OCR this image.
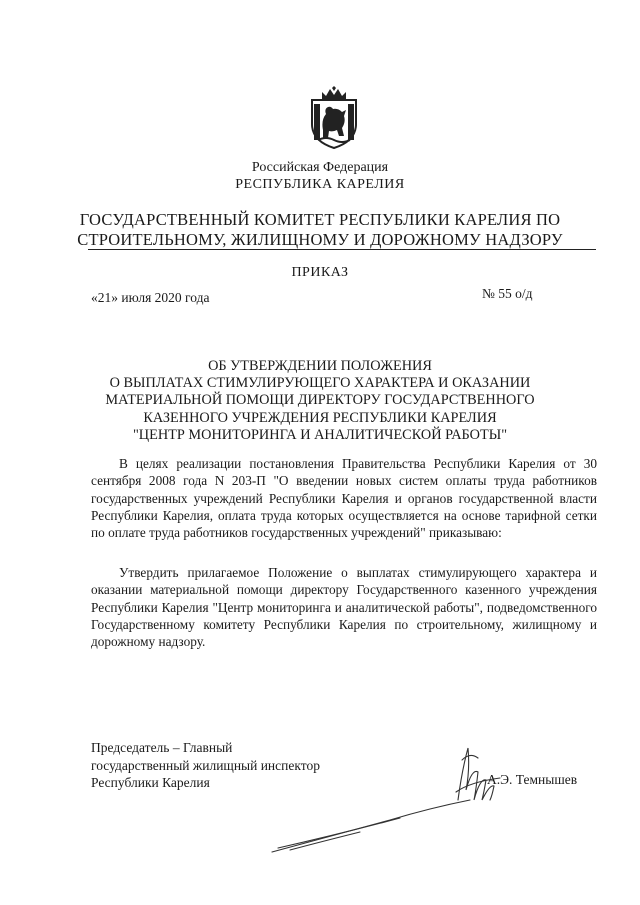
Российская Федерация
РЕСПУБЛИКА КАРЕЛИЯ
ГОСУДАРСТВЕННЫЙ КОМИТЕТ РЕСПУБЛИКИ КАРЕЛИЯ ПО
СТРОИТЕЛЬНОМУ, ЖИЛИЩНОМУ И ДОРОЖНОМУ НАДЗОРУ
ПРИКАЗ
«21» июля 2020 года	№ 55 о/д
ОБ УТВЕРЖДЕНИИ ПОЛОЖЕНИЯ
О ВЫПЛАТАХ СТИМУЛИРУЮЩЕГО ХАРАКТЕРА И ОКАЗАНИИ
МАТЕРИАЛЬНОЙ ПОМОЩИ ДИРЕКТОРУ ГОСУДАРСТВЕННОГО
КАЗЕННОГО УЧРЕЖДЕНИЯ РЕСПУБЛИКИ КАРЕЛИЯ
"ЦЕНТР МОНИТОРИНГА И АНАЛИТИЧЕСКОЙ РАБОТЫ"

В целях реализации постановления Правительства Республики Карелия от 30 сентября 2008 года N 203-П "О введении новых систем оплаты труда работников государственных учреждений Республики Карелия и органов государственной власти Республики Карелия, оплата труда которых осуществляется на основе тарифной сетки по оплате труда работников государственных учреждений" приказываю:

Утвердить прилагаемое Положение о выплатах стимулирующего характера и оказании материальной помощи директору Государственного казенного учреждения Республики Карелия "Центр мониторинга и аналитической работы", подведомственного Государственному комитету Республики Карелия по строительному, жилищному и дорожному надзору.

Председатель – Главный
государственный жилищный инспектор
Республики Карелия	А.Э. Темнышев
